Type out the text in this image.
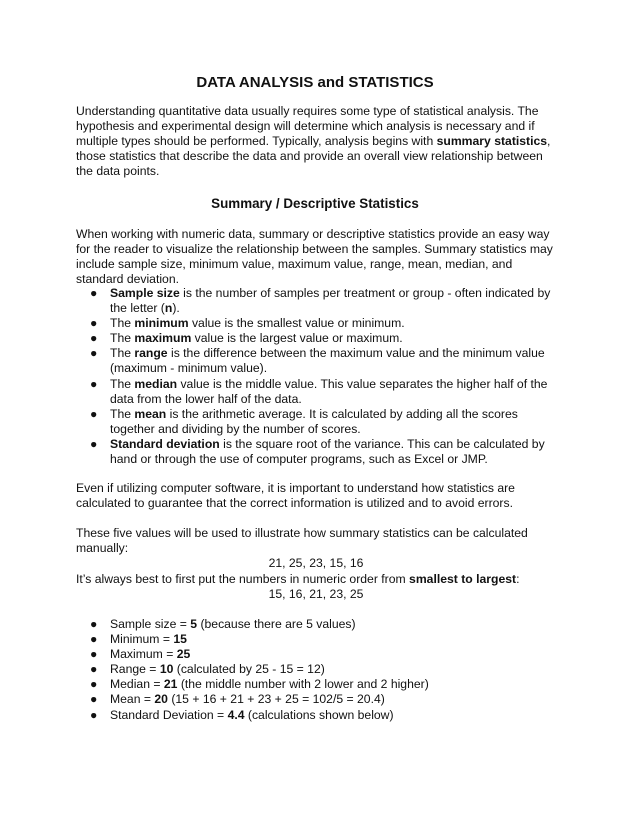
DATA ANALYSIS and STATISTICS

Understanding quantitative data usually requires some type of statistical analysis. The hypothesis and experimental design will determine which analysis is necessary and if multiple types should be performed. Typically, analysis begins with summary statistics, those statistics that describe the data and provide an overall view relationship between the data points.

Summary / Descriptive Statistics

When working with numeric data, summary or descriptive statistics provide an easy way for the reader to visualize the relationship between the samples. Summary statistics may include sample size, minimum value, maximum value, range, mean, median, and standard deviation.

● Sample size is the number of samples per treatment or group - often indicated by the letter (n).
● The minimum value is the smallest value or minimum.
● The maximum value is the largest value or maximum.
● The range is the difference between the maximum value and the minimum value (maximum - minimum value).
● The median value is the middle value. This value separates the higher half of the data from the lower half of the data.
● The mean is the arithmetic average. It is calculated by adding all the scores together and dividing by the number of scores.
● Standard deviation is the square root of the variance. This can be calculated by hand or through the use of computer programs, such as Excel or JMP.

Even if utilizing computer software, it is important to understand how statistics are calculated to guarantee that the correct information is utilized and to avoid errors.

These five values will be used to illustrate how summary statistics can be calculated manually:

21, 25, 23, 15, 16

It’s always best to first put the numbers in numeric order from smallest to largest:

15, 16, 21, 23, 25

● Sample size = 5 (because there are 5 values)
● Minimum = 15
● Maximum = 25
● Range = 10 (calculated by 25 - 15 = 12)
● Median = 21 (the middle number with 2 lower and 2 higher)
● Mean = 20 (15 + 16 + 21 + 23 + 25 = 102/5 = 20.4)
● Standard Deviation = 4.4 (calculations shown below)
